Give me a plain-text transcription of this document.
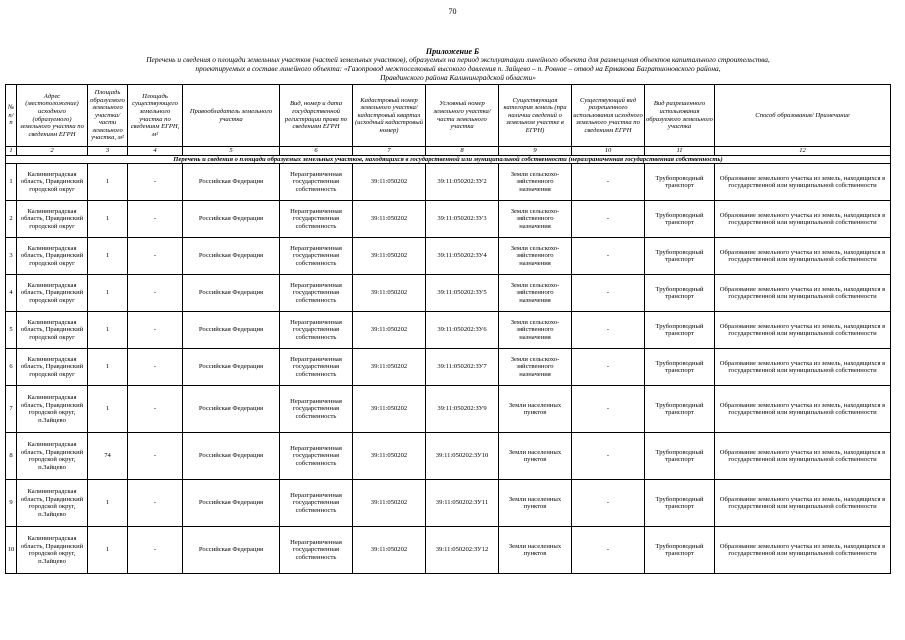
70
Приложение Б
Перечень и сведения о площади земельных участков (частей земельных участков), образуемых на период эксплуатации линейного объекта для размещения объектов капитального строительства,
проектируемых в составе линейного объекта: «Газопровод межпоселковый высокого давления п. Зайцево – п. Ровное – отвод на Ермакова Багратионовского района,
Правдинского района Калининградской области»
№ п/п	Адрес (местоположение) исходного (образуемого) земельного участка по сведениям ЕГРН	Площадь образуемого земельного участка/ части земельного участка, м²	Площадь существующего земельного участка по сведениям ЕГРН, м²	Правообладатель земельного участка	Вид, номер и дата государственной регистрации права по сведениям ЕГРН	Кадастровый номер земельного участка/ кадастровый квартал (исходный кадастровый номер)	Условный номер земельного участка/части земельного участка	Существующая категория земель (при наличии сведений о земельном участке в ЕГРН)	Существующий вид разрешенного использования исходного земельного участка по сведениям ЕГРН	Вид разрешенного использования образуемого земельного участка	Способ образования/ Примечание
1	2	3	4	5	6	7	8	9	10	11	12
Перечень и сведения о площади образуемых земельных участков, находящихся в государственной или муниципальной собственности (неразграниченная государственная собственность)											
1	Калининградская область, Правдинский городской округ	1	-	Российская Федерация	Неразграниченная государственная собственность	39:11:050202	39:11:050202:ЗУ2	Земли сельскохо-зяйственного назначения	-	Трубопроводный транспорт	Образование земельного участка из земель, находящихся в государственной или муниципальной собственности
2	Калининградская область, Правдинский городской округ	1	-	Российская Федерация	Неразграниченная государственная собственность	39:11:050202	39:11:050202:ЗУ3	Земли сельскохо-зяйственного назначения	-	Трубопроводный транспорт	Образование земельного участка из земель, находящихся в государственной или муниципальной собственности
3	Калининградская область, Правдинский городской округ	1	-	Российская Федерация	Неразграниченная государственная собственность	39:11:050202	39:11:050202:ЗУ4	Земли сельскохо-зяйственного назначения	-	Трубопроводный транспорт	Образование земельного участка из земель, находящихся в государственной или муниципальной собственности
4	Калининградская область, Правдинский городской округ	1	-	Российская Федерация	Неразграниченная государственная собственность	39:11:050202	39:11:050202:ЗУ5	Земли сельскохо-зяйственного назначения	-	Трубопроводный транспорт	Образование земельного участка из земель, находящихся в государственной или муниципальной собственности
5	Калининградская область, Правдинский городской округ	1	-	Российская Федерация	Неразграниченная государственная собственность	39:11:050202	39:11:050202:ЗУ6	Земли сельскохо-зяйственного назначения	-	Трубопроводный транспорт	Образование земельного участка из земель, находящихся в государственной или муниципальной собственности
6	Калининградская область, Правдинский городской округ	1	-	Российская Федерация	Неразграниченная государственная собственность	39:11:050202	39:11:050202:ЗУ7	Земли сельскохо-зяйственного назначения	-	Трубопроводный транспорт	Образование земельного участка из земель, находящихся в государственной или муниципальной собственности
7	Калининградская область, Правдинский городской округ, п.Зайцево	1	-	Российская Федерация	Неразграниченная государственная собственность	39:11:050202	39:11:050202:ЗУ9	Земли населенных пунктов	-	Трубопроводный транспорт	Образование земельного участка из земель, находящихся в государственной или муниципальной собственности
8	Калининградская область, Правдинский городской округ, п.Зайцево	74	-	Российская Федерация	Неразграниченная государственная собственность	39:11:050202	39:11:050202:ЗУ10	Земли населенных пунктов	-	Трубопроводный транспорт	Образование земельного участка из земель, находящихся в государственной или муниципальной собственности
9	Калининградская область, Правдинский городской округ, п.Зайцево	1	-	Российская Федерация	Неразграниченная государственная собственность	39:11:050202	39:11:050202:ЗУ11	Земли населенных пунктов	-	Трубопроводный транспорт	Образование земельного участка из земель, находящихся в государственной или муниципальной собственности
10	Калининградская область, Правдинский городской округ, п.Зайцево	1	-	Российская Федерация	Неразграниченная государственная собственность	39:11:050202	39:11:050202:ЗУ12	Земли населенных пунктов	-	Трубопроводный транспорт	Образование земельного участка из земель, находящихся в государственной или муниципальной собственности
